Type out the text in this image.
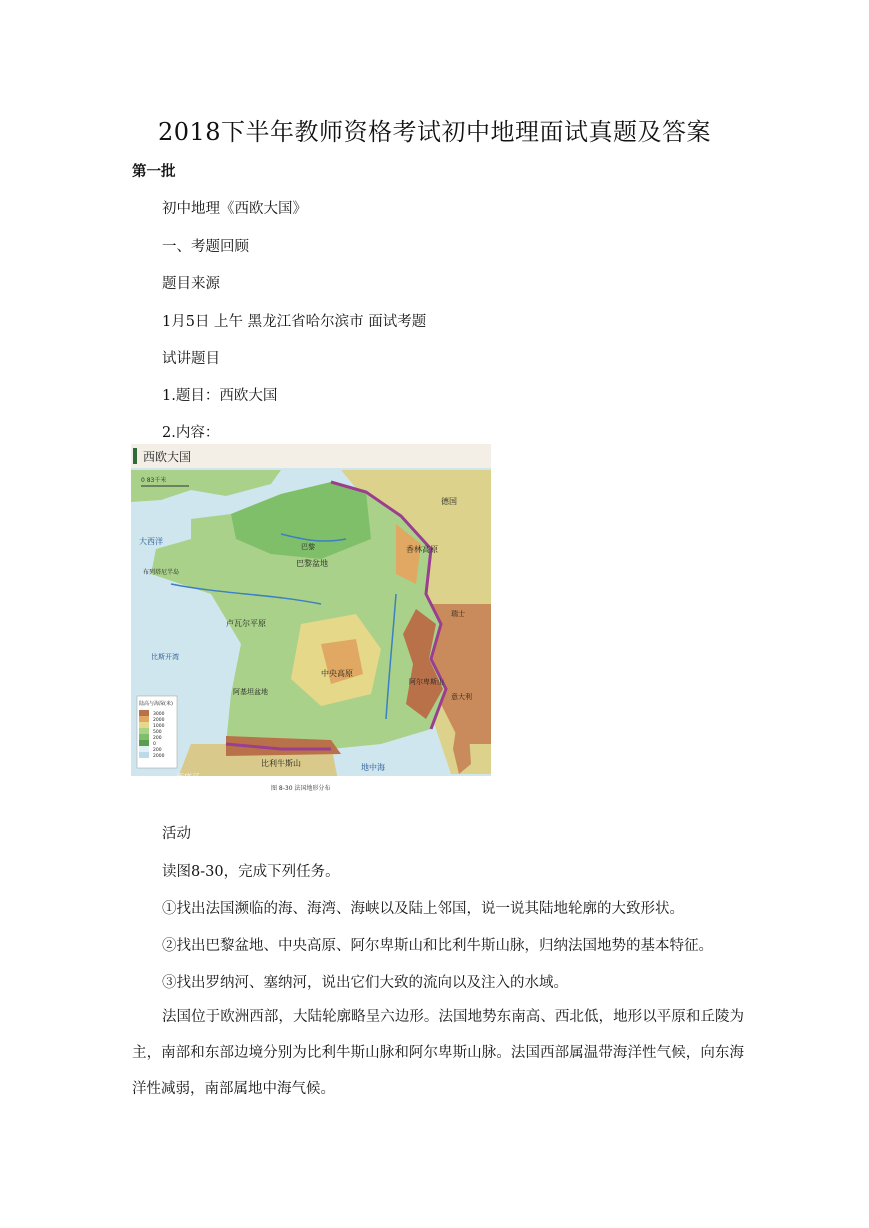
2018下半年教师资格考试初中地理面试真题及答案
第一批
初中地理《西欧大国》
一、考题回顾
题目来源
1月5日 上午 黑龙江省哈尔滨市 面试考题
试讲题目
1.题目：西欧大国
2.内容：
西欧大国
0 83千米
巴黎
巴黎盆地
香林高原
卢瓦尔平原
中央高原
阿基坦盆地
阿尔卑斯山
比利牛斯山	地中海
大西洋
比斯开湾
德国
瑞士
意大利
布列塔尼半岛
陆高与海深(米)
3000
2000
1000
500
200
0
200
2000
图 8-30 法国地形分布
活动
读图8-30，完成下列任务。
①找出法国濒临的海、海湾、海峡以及陆上邻国，说一说其陆地轮廓的大致形状。
②找出巴黎盆地、中央高原、阿尔卑斯山和比利牛斯山脉，归纳法国地势的基本特征。
③找出罗纳河、塞纳河，说出它们大致的流向以及注入的水域。
法国位于欧洲西部，大陆轮廓略呈六边形。法国地势东南高、西北低，地形以平原和丘陵为主，南部和东部边境分别为比利牛斯山脉和阿尔卑斯山脉。法国西部属温带海洋性气候，向东海洋性减弱，南部属地中海气候。
